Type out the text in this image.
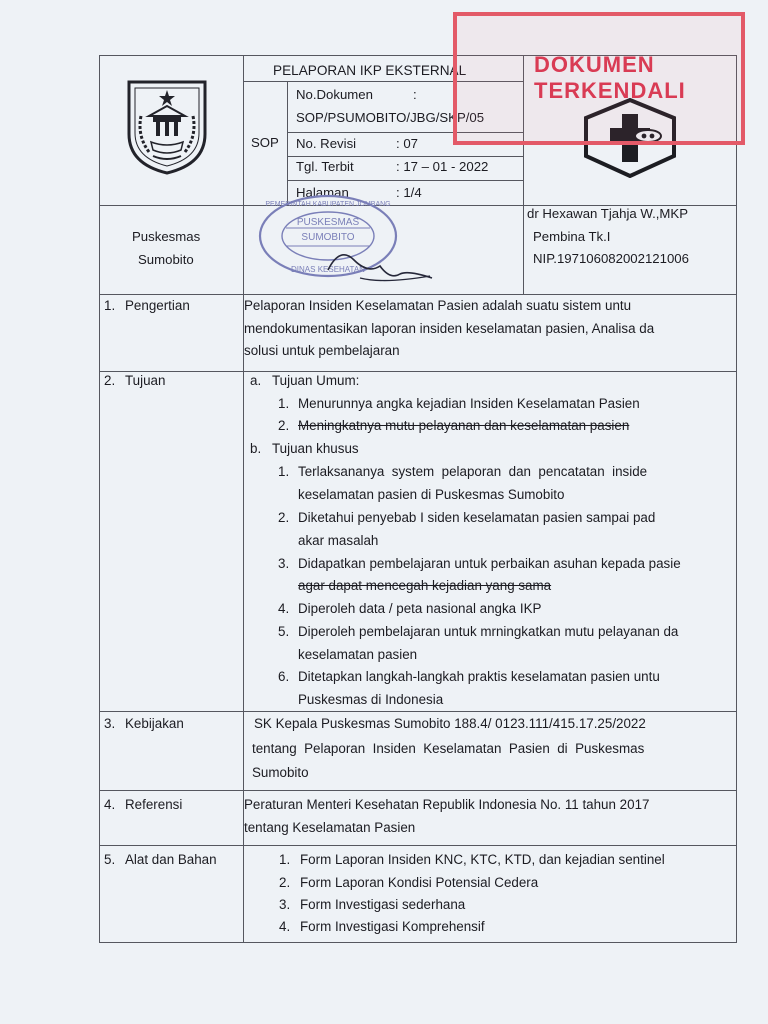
PELAPORAN IKP EKSTERNAL
SOP
No.Dokumen	:
SOP/PSUMOBITO/JBG/SKP/05
No. Revisi	: 07
Tgl. Terbit	: 17 – 01 - 2022
Halaman	: 1/4
DOKUMEN
TERKENDALI
Puskesmas
Sumobito
dr Hexawan Tjahja W.,MKP
Pembina Tk.I
NIP.197106082002121006
PUSKESMAS
SUMOBITO
PEMERINTAH KABUPATEN JOMBANG
DINAS KESEHATAN
1. Pengertian	Pelaporan Insiden Keselamatan Pasien adalah suatu sistem untu
mendokumentasikan laporan insiden keselamatan pasien, Analisa da
solusi untuk pembelajaran
2. Tujuan	a. Tujuan Umum:
1. Menurunnya angka kejadian Insiden Keselamatan Pasien
2. Meningkatnya mutu pelayanan dan keselamatan pasien
b. Tujuan khusus
1. Terlaksananya  system  pelaporan  dan  pencatatan  inside
keselamatan pasien di Puskesmas Sumobito
2. Diketahui penyebab I siden keselamatan pasien sampai pad
akar masalah
3. Didapatkan pembelajaran untuk perbaikan asuhan kepada pasie
agar dapat mencegah kejadian yang sama
4. Diperoleh data / peta nasional angka IKP
5. Diperoleh pembelajaran untuk mrningkatkan mutu pelayanan da
keselamatan pasien
6. Ditetapkan langkah-langkah praktis keselamatan pasien untu
Puskesmas di Indonesia
3. Kebijakan	SK Kepala Puskesmas Sumobito 188.4/ 0123.111/415.17.25/2022
tentang  Pelaporan  Insiden  Keselamatan  Pasien  di  Puskesmas
Sumobito
4. Referensi	Peraturan Menteri Kesehatan Republik Indonesia No. 11 tahun 2017
tentang Keselamatan Pasien
5. Alat dan Bahan	1. Form Laporan Insiden KNC, KTC, KTD, dan kejadian sentinel
2. Form Laporan Kondisi Potensial Cedera
3. Form Investigasi sederhana
4. Form Investigasi Komprehensif
